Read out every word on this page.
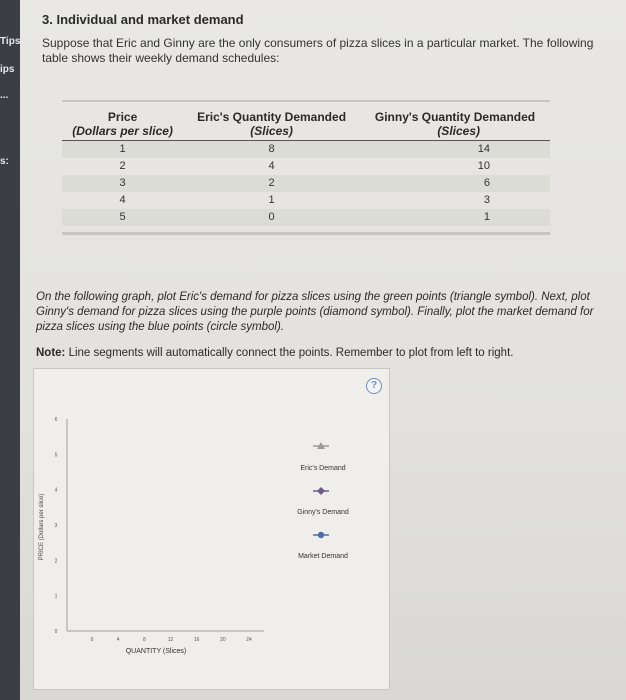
Tips
ips
...
s:
3. Individual and market demand
Suppose that Eric and Ginny are the only consumers of pizza slices in a particular market. The following table shows their weekly demand schedules:
Price	Eric's Quantity Demanded	Ginny's Quantity Demanded
(Dollars per slice)	(Slices)	(Slices)
1	8	14
2	4	10
3	2	6
4	1	3
5	0	1
On the following graph, plot Eric's demand for pizza slices using the green points (triangle symbol). Next, plot Ginny's demand for pizza slices using the purple points (diamond symbol). Finally, plot the market demand for pizza slices using the blue points (circle symbol).
Note: Line segments will automatically connect the points. Remember to plot from left to right.
?
0
1
2
3
4
5
6
0	4	8	12	16	20	24
PRICE (Dollars per slice)
QUANTITY (Slices)
Eric's Demand
Ginny's Demand
Market Demand
